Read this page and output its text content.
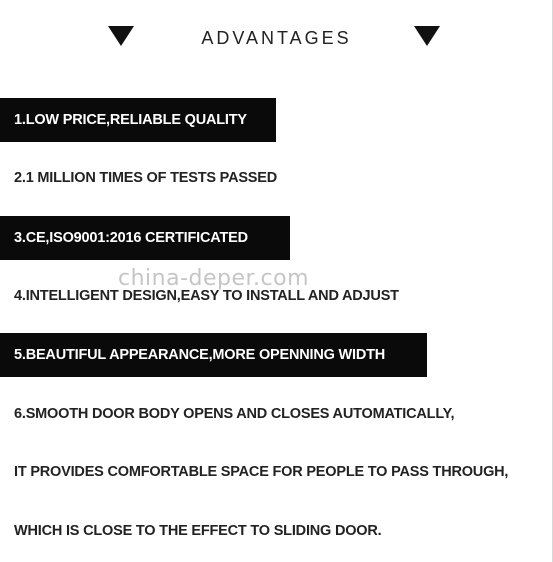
ADVANTAGES
1.LOW PRICE,RELIABLE QUALITY
2.1 MILLION TIMES OF TESTS PASSED
3.CE,ISO9001:2016 CERTIFICATED
4.INTELLIGENT DESIGN,EASY TO INSTALL AND ADJUST
5.BEAUTIFUL APPEARANCE,MORE OPENNING WIDTH
6.SMOOTH DOOR BODY OPENS AND CLOSES AUTOMATICALLY,
IT PROVIDES COMFORTABLE SPACE FOR PEOPLE TO PASS THROUGH,
WHICH IS CLOSE TO THE EFFECT TO SLIDING DOOR.
china-deper.com
